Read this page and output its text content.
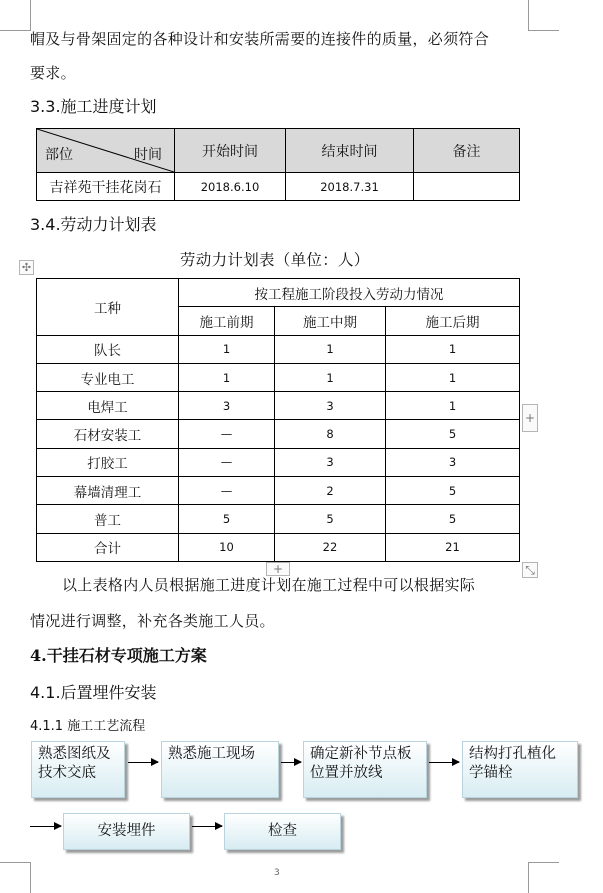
帽及与骨架固定的各种设计和安装所需要的连接件的质量，必须符合
要求。
3.3.施工进度计划
部位 时间	开始时间	结束时间	备注
吉祥苑干挂花岗石	2018.6.10	2018.7.31	
3.4.劳动力计划表
劳动力计划表（单位：人）
✣
工种	按工程施工阶段投入劳动力情况		
	施工前期	施工中期	施工后期
队长	1	1	1
专业电工	1	1	1
电焊工	3	3	1
石材安装工	—	8	5
打胶工	—	3	3
幕墙清理工	—	2	5
普工	5	5	5
合计	10	22	21
+
+	⤡
以上表格内人员根据施工进度计划在施工过程中可以根据实际
情况进行调整，补充各类施工人员。
4.干挂石材专项施工方案
4.1.后置埋件安装
4.1.1 施工工艺流程
熟悉图纸及
技术交底
熟悉施工现场	确定新补节点板
位置并放线
结构打孔植化
学锚栓
安装埋件	检查
3
